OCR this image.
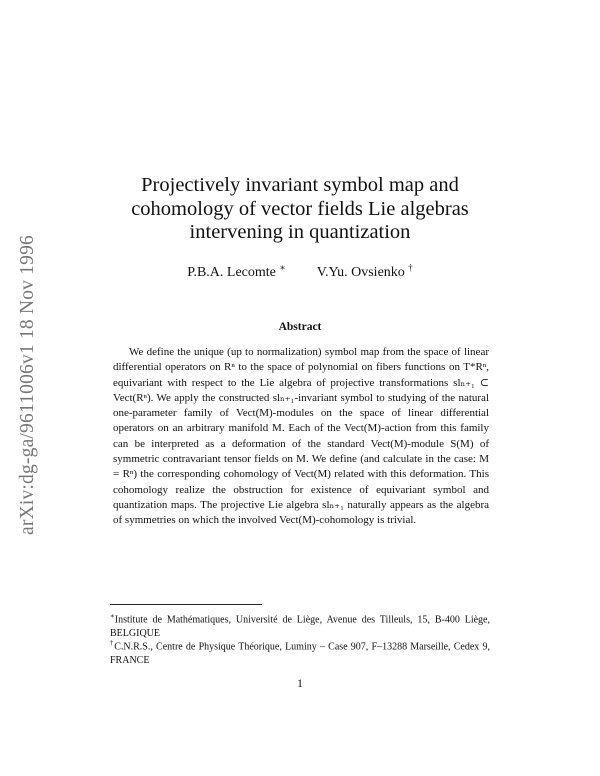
arXiv:dg-ga/9611006v1 18 Nov 1996
Projectively invariant symbol map and
cohomology of vector fields Lie algebras
intervening in quantization
P.B.A. Lecomte ∗ V.Yu. Ovsienko †
Abstract

We define the unique (up to normalization) symbol map from the space of linear differential operators on Rⁿ to the space of polynomial on fibers functions on T*Rⁿ, equivariant with respect to the Lie algebra of projective transformations slₙ₊₁ ⊂ Vect(Rⁿ). We apply the constructed slₙ₊₁-invariant symbol to studying of the natural one-parameter family of Vect(M)-modules on the space of linear differential operators on an arbitrary manifold M. Each of the Vect(M)-action from this family can be interpreted as a deformation of the standard Vect(M)-module S(M) of symmetric contravariant tensor fields on M. We define (and calculate in the case: M = Rⁿ) the corresponding cohomology of Vect(M) related with this deformation. This cohomology realize the obstruction for existence of equivariant symbol and quantization maps. The projective Lie algebra slₙ₊₁ naturally appears as the algebra of symmetries on which the involved Vect(M)-cohomology is trivial.

∗Institute de Mathématiques, Université de Liège, Avenue des Tilleuls, 15, B-400 Liège, BELGIQUE
†C.N.R.S., Centre de Physique Théorique, Luminy – Case 907, F–13288 Marseille, Cedex 9, FRANCE
1
